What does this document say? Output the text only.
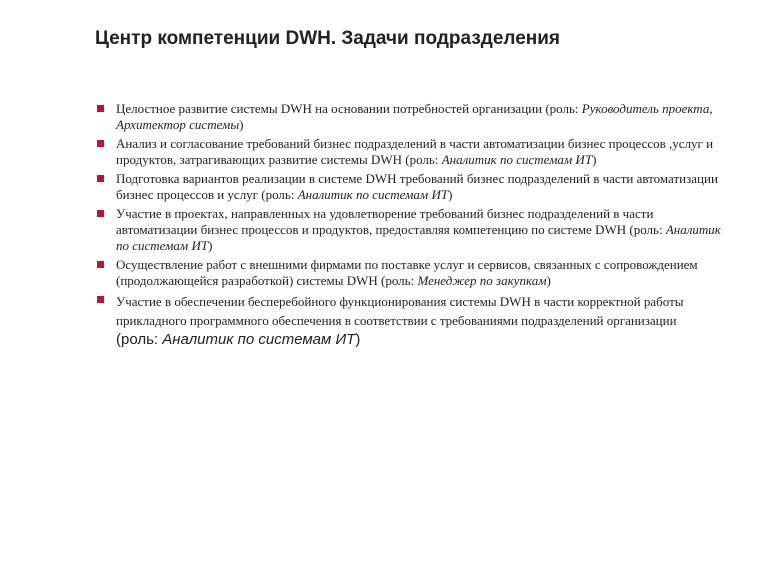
Центр компетенции DWH. Задачи подразделения
Целостное развитие системы DWH на основании потребностей организации (роль: Руководитель проекта, Архитектор системы)
Анализ и согласование требований бизнес подразделений в части автоматизации бизнес процессов ,услуг и продуктов, затрагивающих развитие системы DWH (роль: Аналитик по системам ИТ)
Подготовка вариантов реализации в системе DWH требований бизнес подразделений в части автоматизации бизнес процессов и услуг (роль: Аналитик по системам ИТ)
Участие в проектах, направленных на удовлетворение требований бизнес подразделений в части автоматизации бизнес процессов и продуктов, предоставляя компетенцию по системе DWH (роль: Аналитик по системам ИТ)
Осуществление работ с внешними фирмами по поставке услуг и сервисов, связанных с сопровождением (продолжающейся разработкой) системы DWH (роль: Менеджер по закупкам)
Участие в обеспечении бесперебойного функционирования системы DWH в части корректной работы прикладного программного обеспечения в соответствии с требованиями подразделений организации
(роль: Аналитик по системам ИТ)
